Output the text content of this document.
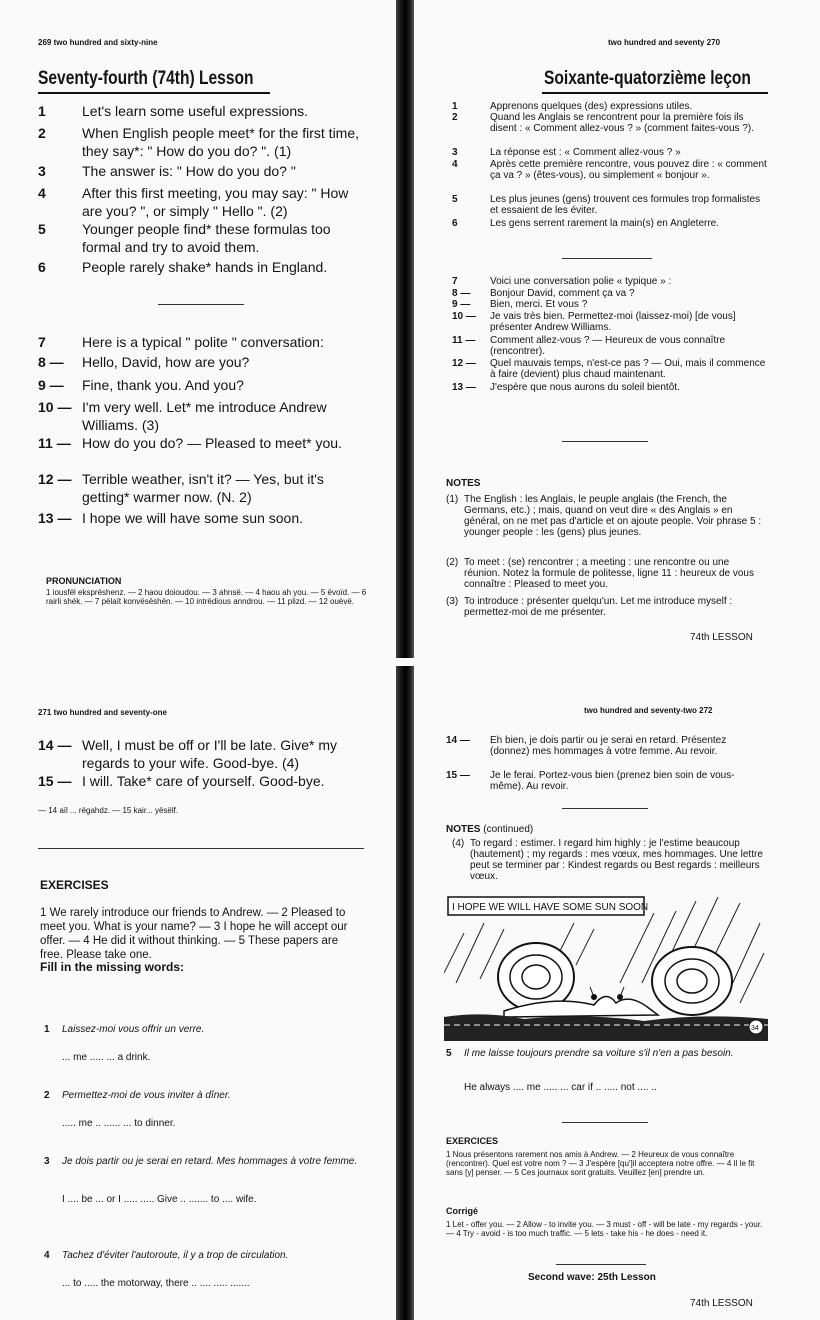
269 two hundred and sixty-nine
Seventy-fourth (74th) Lesson
1	Let's learn some useful expressions.
2	When English people meet* for the first time, they say*: " How do you do? ". (1)
3	The answer is: " How do you do? "
4	After this first meeting, you may say: " How are you? ", or simply " Hello ". (2)
5	Younger people find* these formulas too formal and try to avoid them.
6	People rarely shake* hands in England.
7	Here is a typical " polite " conversation:
8 — Hello, David, how are you?
9 — Fine, thank you. And you?
10 — I'm very well. Let* me introduce Andrew Williams. (3)
11 — How do you do? — Pleased to meet* you.
12 — Terrible weather, isn't it? — Yes, but it's getting* warmer now. (N. 2)
13 — I hope we will have some sun soon.
PRONUNCIATION
1 iousfël eksprëshenz. — 2 haou doioudou. — 3 ahnsë. — 4 haou ah you. — 5 ëvoïd. — 6 rairli shék. — 7 pëlaït konvësëshën. — 10 intrëdious anndrou. — 11 plizd. — 12 ouèvë.
two hundred and seventy 270
Soixante-quatorzième leçon
1	Apprenons quelques (des) expressions utiles.
2	Quand les Anglais se rencontrent pour la première fois ils disent : « Comment allez-vous ? » (comment faites-vous ?).
3	La réponse est : « Comment allez-vous ? »
4	Après cette première rencontre, vous pouvez dire : « comment ça va ? » (êtes-vous), ou simplement « bonjour ».
5	Les plus jeunes (gens) trouvent ces formules trop formalistes et essaient de les éviter.
6	Les gens serrent rarement la main(s) en Angleterre.
7	Voici une conversation polie « typique » :
8 — Bonjour David, comment ça va ?
9 — Bien, merci. Et vous ?
10 — Je vais très bien. Permettez-moi (laissez-moi) [de vous] présenter Andrew Williams.
11 — Comment allez-vous ? — Heureux de vous connaître (rencontrer).
12 — Quel mauvais temps, n'est-ce pas ? — Oui, mais il commence à faire (devient) plus chaud maintenant.
13 — J'espère que nous aurons du soleil bientôt.
NOTES
(1) The English : les Anglais, le peuple anglais (the French, the Germans, etc.) ; mais, quand on veut dire « des Anglais » en général, on ne met pas d'article et on ajoute people. Voir phrase 5 : younger people : les (gens) plus jeunes.
(2) To meet : (se) rencontrer ; a meeting : une rencontre ou une réunion. Notez la formule de politesse, ligne 11 : heureux de vous connaître : Pleased to meet you.
(3) To introduce : présenter quelqu'un. Let me introduce myself : permettez-moi de me présenter.
74th LESSON
271 two hundred and seventy-one
14 — Well, I must be off or I'll be late. Give* my regards to your wife. Good-bye. (4)
15 — I will. Take* care of yourself. Good-bye.
— 14 aïl ... rëgahdz. — 15 kair... yësëlf.
EXERCISES
1 We rarely introduce our friends to Andrew. — 2 Pleased to meet you. What is your name? — 3 I hope he will accept our offer. — 4 He did it without thinking. — 5 These papers are free. Please take one.
Fill in the missing words:
1 Laissez-moi vous offrir un verre.
... me ..... ... a drink.
2 Permettez-moi de vous inviter à dîner.
..... me .. ...... ... to dinner.
3 Je dois partir ou je serai en retard. Mes hommages à votre femme.
I .... be ... or I ..... ..... Give .. ....... to .... wife.
4 Tachez d'éviter l'autoroute, il y a trop de circulation.
... to ..... the motorway, there .. .... ..... .......
two hundred and seventy-two 272
14 — Eh bien, je dois partir ou je serai en retard. Présentez (donnez) mes hommages à votre femme. Au revoir.
15 — Je le ferai. Portez-vous bien (prenez bien soin de vous-même). Au revoir.
NOTES (continued)
(4) To regard : estimer. I regard him highly : je l'estime beaucoup (hautement) ; my regards : mes vœux, mes hommages. Une lettre peut se terminer par : Kindest regards ou Best regards : meilleurs vœux.
I HOPE WE WILL HAVE SOME SUN SOON
34
5 Il me laisse toujours prendre sa voiture s'il n'en a pas besoin.
He always .... me ..... ... car if .. ..... not .... ..
EXERCICES
1 Nous présentons rarement nos amis à Andrew. — 2 Heureux de vous connaître (rencontrer). Quel est votre nom ? — 3 J'espère [qu']il acceptera notre offre. — 4 Il le fit sans [y] penser. — 5 Ces journaux sont gratuits. Veuillez [en] prendre un.
Corrigé
1 Let - offer you. — 2 Allow - to invite you. — 3 must - off - will be late - my regards - your. — 4 Try - avoid - is too much traffic. — 5 lets - take his - he does - need it.
Second wave: 25th Lesson
74th LESSON
